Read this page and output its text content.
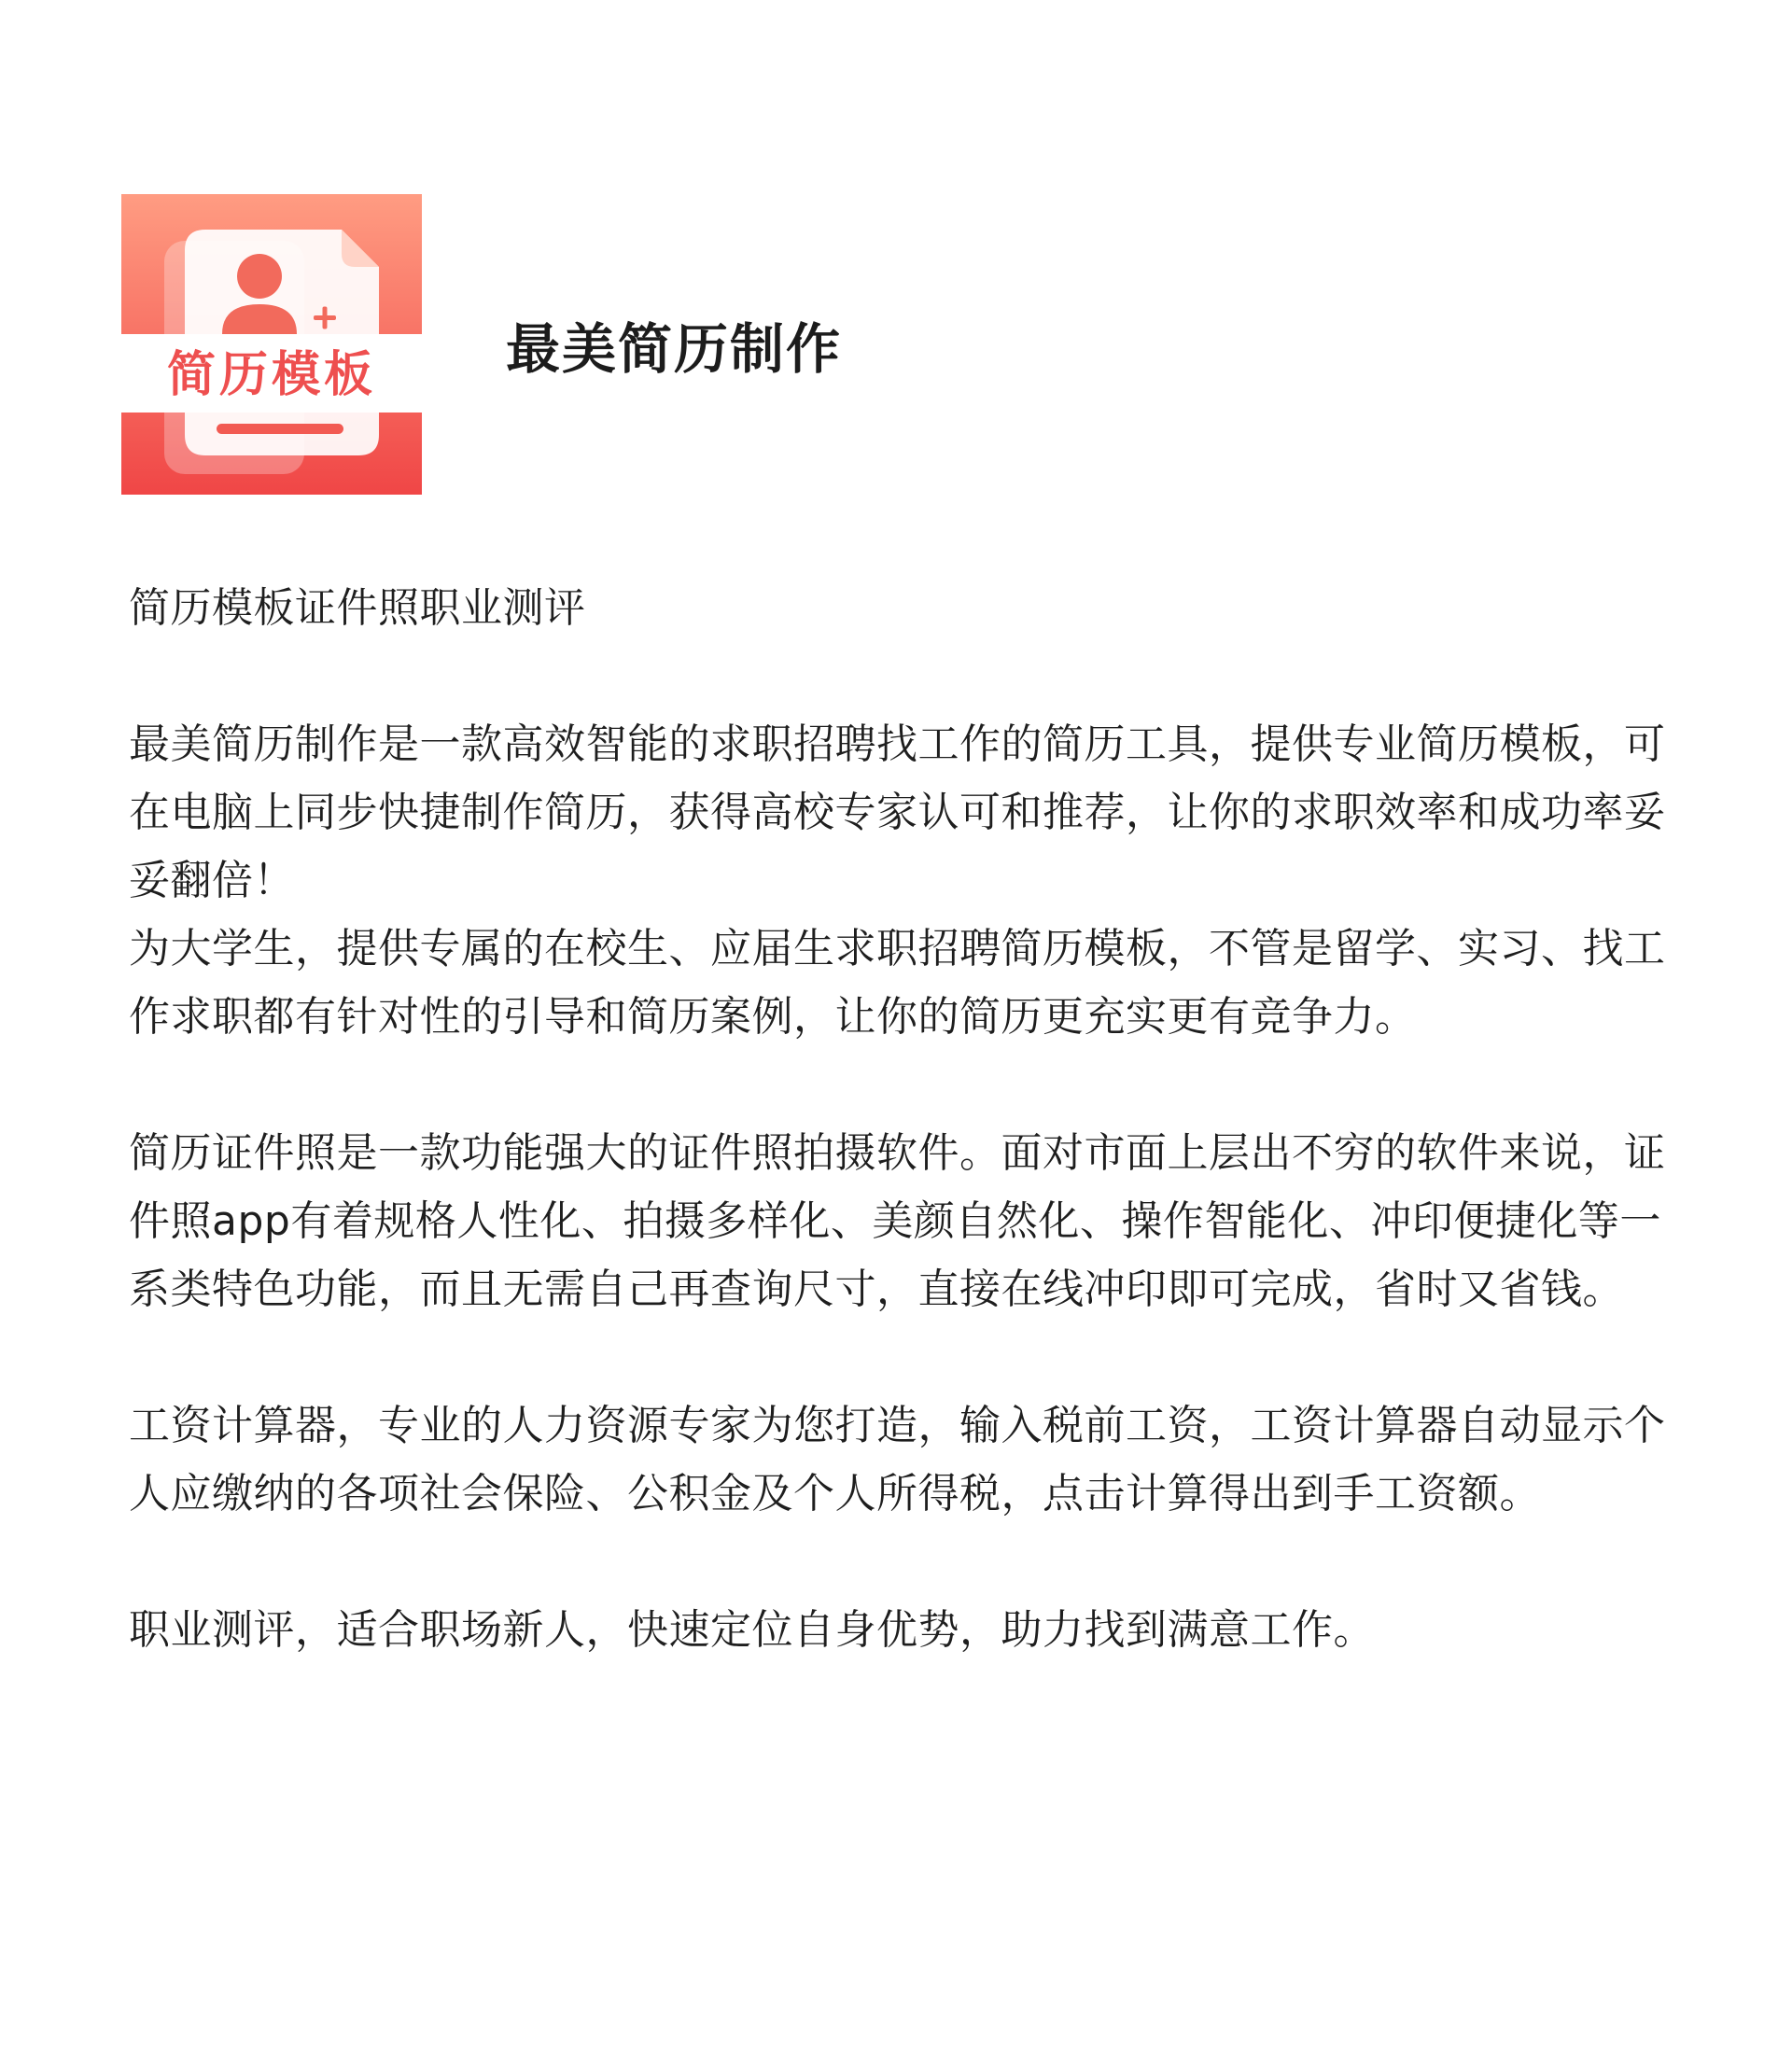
简历模板 最美简历制作

简历模板证件照职业测评

最美简历制作是一款高效智能的求职招聘找工作的简历工具，提供专业简历模板，可在电脑上同步快捷制作简历，获得高校专家认可和推荐，让你的求职效率和成功率妥妥翻倍！

为大学生，提供专属的在校生、应届生求职招聘简历模板，不管是留学、实习、找工作求职都有针对性的引导和简历案例，让你的简历更充实更有竞争力。

简历证件照是一款功能强大的证件照拍摄软件。面对市面上层出不穷的软件来说，证件照app有着规格人性化、拍摄多样化、美颜自然化、操作智能化、冲印便捷化等一系类特色功能，而且无需自己再查询尺寸，直接在线冲印即可完成，省时又省钱。

工资计算器，专业的人力资源专家为您打造，输入税前工资，工资计算器自动显示个人应缴纳的各项社会保险、公积金及个人所得税，点击计算得出到手工资额。

职业测评，适合职场新人，快速定位自身优势，助力找到满意工作。
